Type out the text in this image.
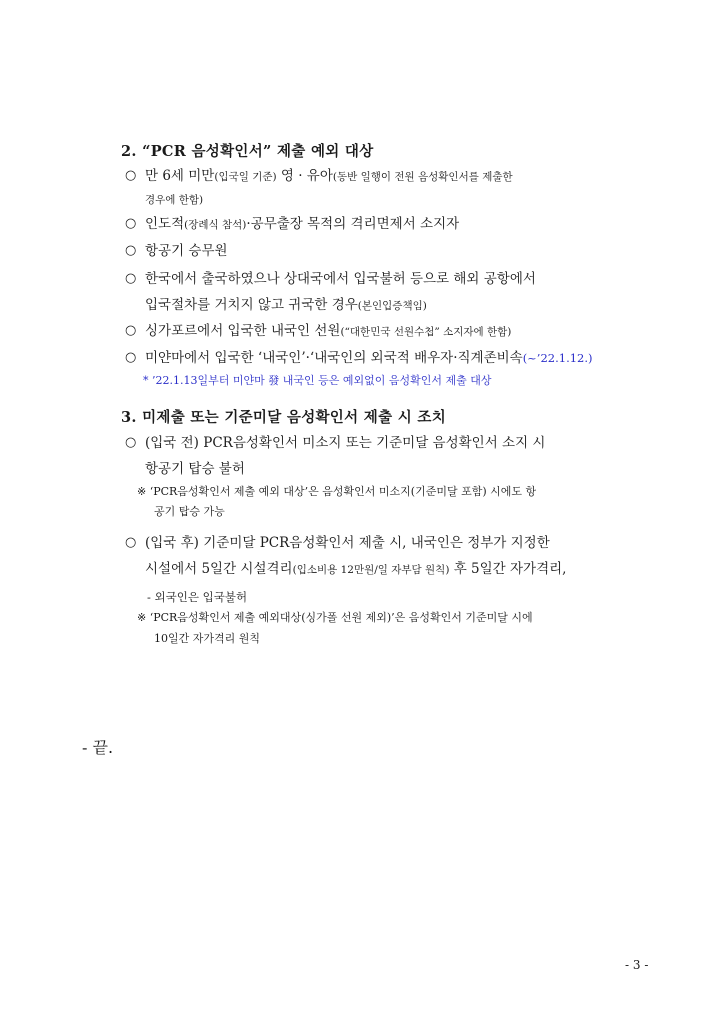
2. “PCR 음성확인서” 제출 예외 대상
○ 만 6세 미만(입국일 기준) 영 · 유아(동반 일행이 전원 음성확인서를 제출한
경우에 한함)
○ 인도적(장례식 참석)·공무출장 목적의 격리면제서 소지자
○ 항공기 승무원
○ 한국에서 출국하였으나 상대국에서 입국불허 등으로 해외 공항에서
입국절차를 거치지 않고 귀국한 경우(본인입증책임)
○ 싱가포르에서 입국한 내국인 선원(“대한민국 선원수첩” 소지자에 한함)
○ 미얀마에서 입국한 ‘내국인’·‘내국인의 외국적 배우자·직계존비속(~’22.1.12.)
* ’22.1.13일부터 미얀마 發 내국인 등은 예외없이 음성확인서 제출 대상
3. 미제출 또는 기준미달 음성확인서 제출 시 조치
○ (입국 전) PCR음성확인서 미소지 또는 기준미달 음성확인서 소지 시
항공기 탑승 불허
※ ‘PCR음성확인서 제출 예외 대상’은 음성확인서 미소지(기준미달 포함) 시에도 항
공기 탑승 가능
○ (입국 후) 기준미달 PCR음성확인서 제출 시, 내국인은 정부가 지정한
시설에서 5일간 시설격리(입소비용 12만원/일 자부담 원칙) 후 5일간 자가격리,
- 외국인은 입국불허
※ ‘PCR음성확인서 제출 예외대상(싱가폴 선원 제외)’은 음성확인서 기준미달 시에
10일간 자가격리 원칙
- 끝.
- 3 -
